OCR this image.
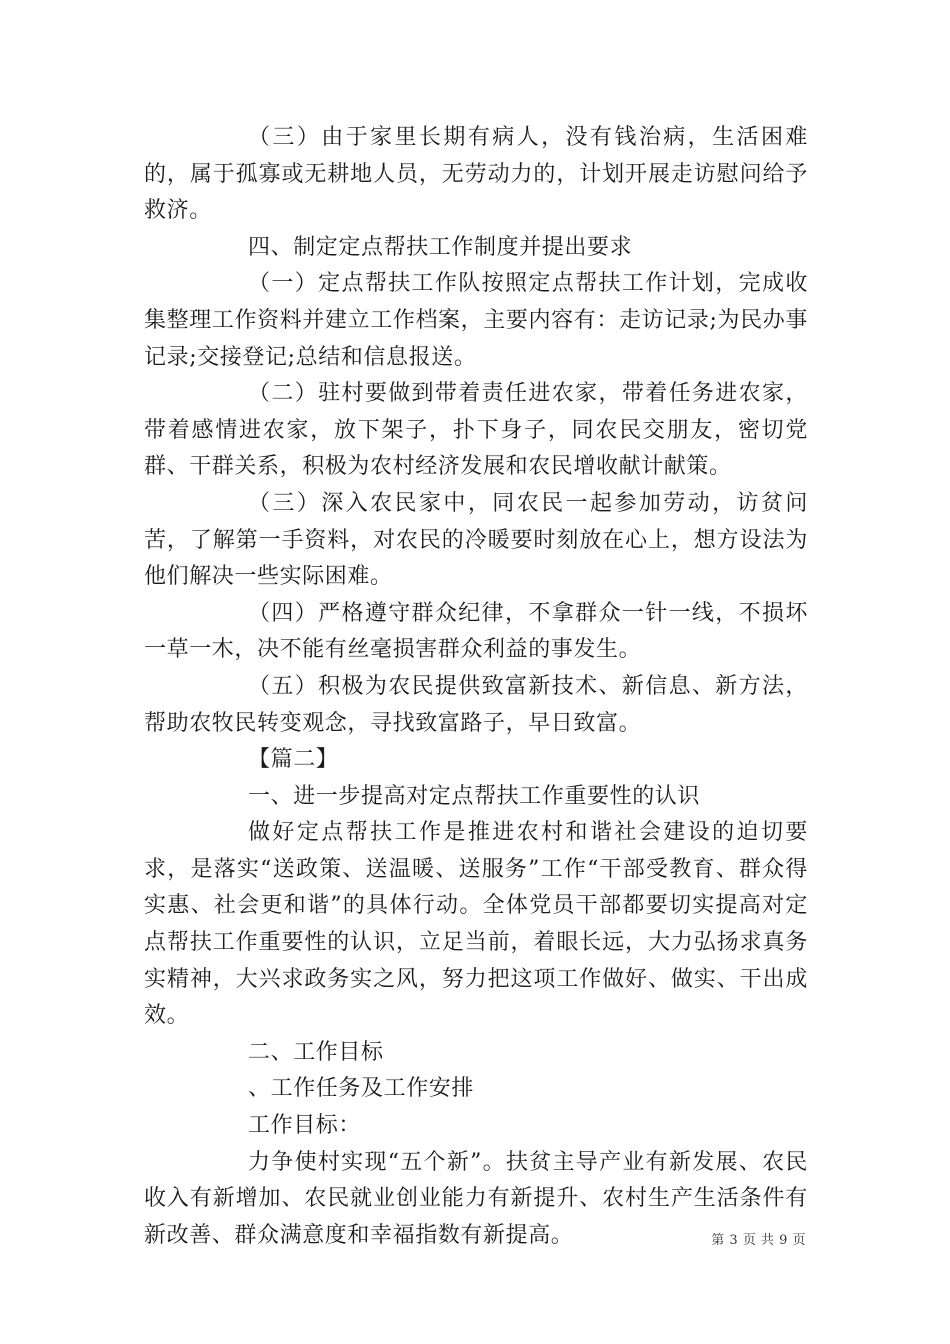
（三）由于家里长期有病人，没有钱治病，生活困难的，属于孤寡或无耕地人员，无劳动力的，计划开展走访慰问给予救济。

四、制定定点帮扶工作制度并提出要求

（一）定点帮扶工作队按照定点帮扶工作计划，完成收集整理工作资料并建立工作档案，主要内容有：走访记录;为民办事记录;交接登记;总结和信息报送。

（二）驻村要做到带着责任进农家，带着任务进农家，带着感情进农家，放下架子，扑下身子，同农民交朋友，密切党群、干群关系，积极为农村经济发展和农民增收献计献策。

（三）深入农民家中，同农民一起参加劳动，访贫问苦，了解第一手资料，对农民的冷暖要时刻放在心上，想方设法为他们解决一些实际困难。

（四）严格遵守群众纪律，不拿群众一针一线，不损坏一草一木，决不能有丝毫损害群众利益的事发生。

（五）积极为农民提供致富新技术、新信息、新方法，帮助农牧民转变观念，寻找致富路子，早日致富。

【篇二】

一、进一步提高对定点帮扶工作重要性的认识

做好定点帮扶工作是推进农村和谐社会建设的迫切要求，是落实“送政策、送温暖、送服务”工作“干部受教育、群众得实惠、社会更和谐”的具体行动。全体党员干部都要切实提高对定点帮扶工作重要性的认识，立足当前，着眼长远，大力弘扬求真务实精神，大兴求政务实之风，努力把这项工作做好、做实、干出成效。

二、工作目标

、工作任务及工作安排

工作目标：

力争使村实现“五个新”。扶贫主导产业有新发展、农民收入有新增加、农民就业创业能力有新提升、农村生产生活条件有新改善、群众满意度和幸福指数有新提高。	第 3 页 共 9 页
